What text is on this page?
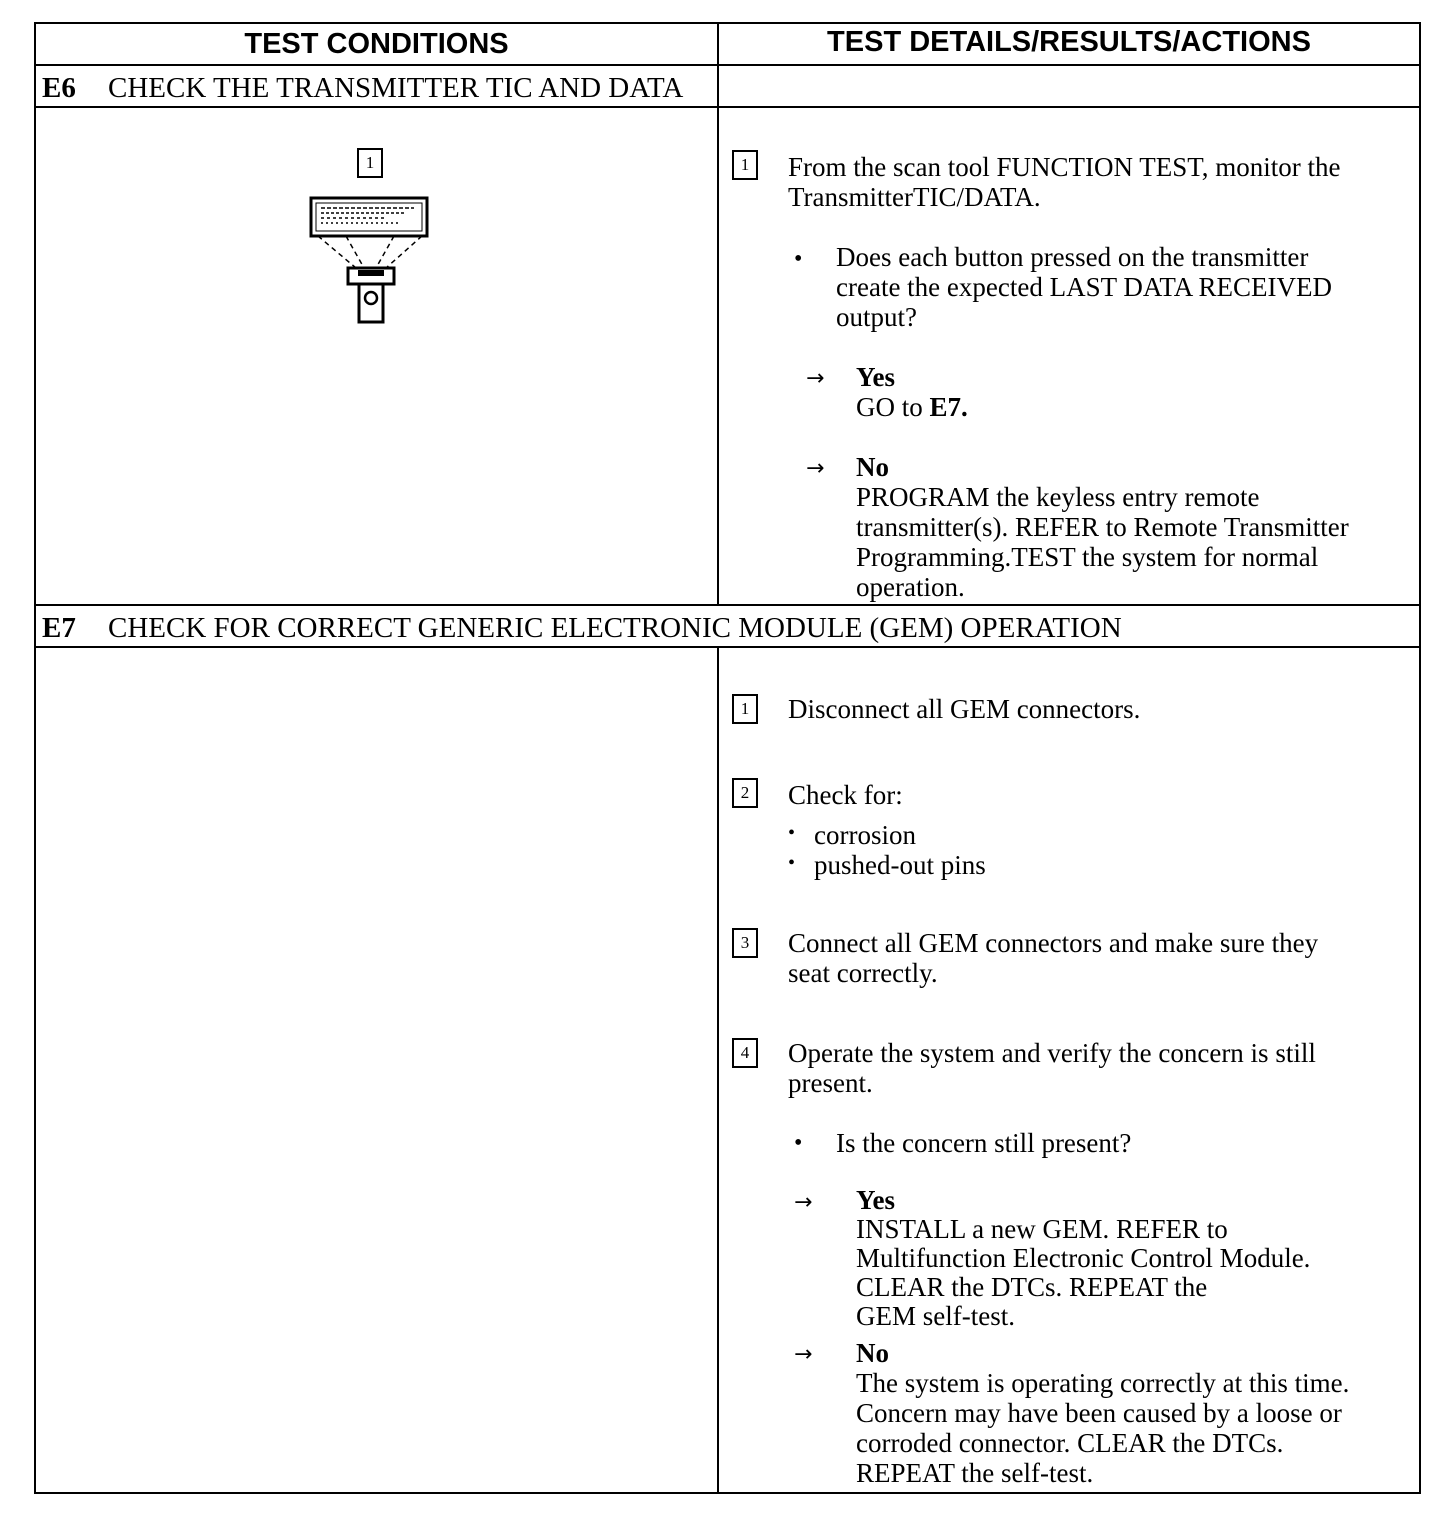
TEST CONDITIONS	TEST DETAILS/RESULTS/ACTIONS
E6 CHECK THE TRANSMITTER TIC AND DATA
1	1	From the scan tool FUNCTION TEST, monitor the
TransmitterTIC/DATA.
• Does each button pressed on the transmitter
create the expected LAST DATA RECEIVED
output?
→ Yes
GO to E7.
→ No
PROGRAM the keyless entry remote
transmitter(s). REFER to Remote Transmitter
Programming.TEST the system for normal
operation.
E7 CHECK FOR CORRECT GENERIC ELECTRONIC MODULE (GEM) OPERATION
1	Disconnect all GEM connectors.
2	Check for:
• corrosion
• pushed-out pins
3	Connect all GEM connectors and make sure they
seat correctly.
4	Operate the system and verify the concern is still
present.
• Is the concern still present?
→ Yes
INSTALL a new GEM. REFER to
Multifunction Electronic Control Module.
CLEAR the DTCs. REPEAT the
GEM self-test.
→ No
The system is operating correctly at this time.
Concern may have been caused by a loose or
corroded connector. CLEAR the DTCs.
REPEAT the self-test.
